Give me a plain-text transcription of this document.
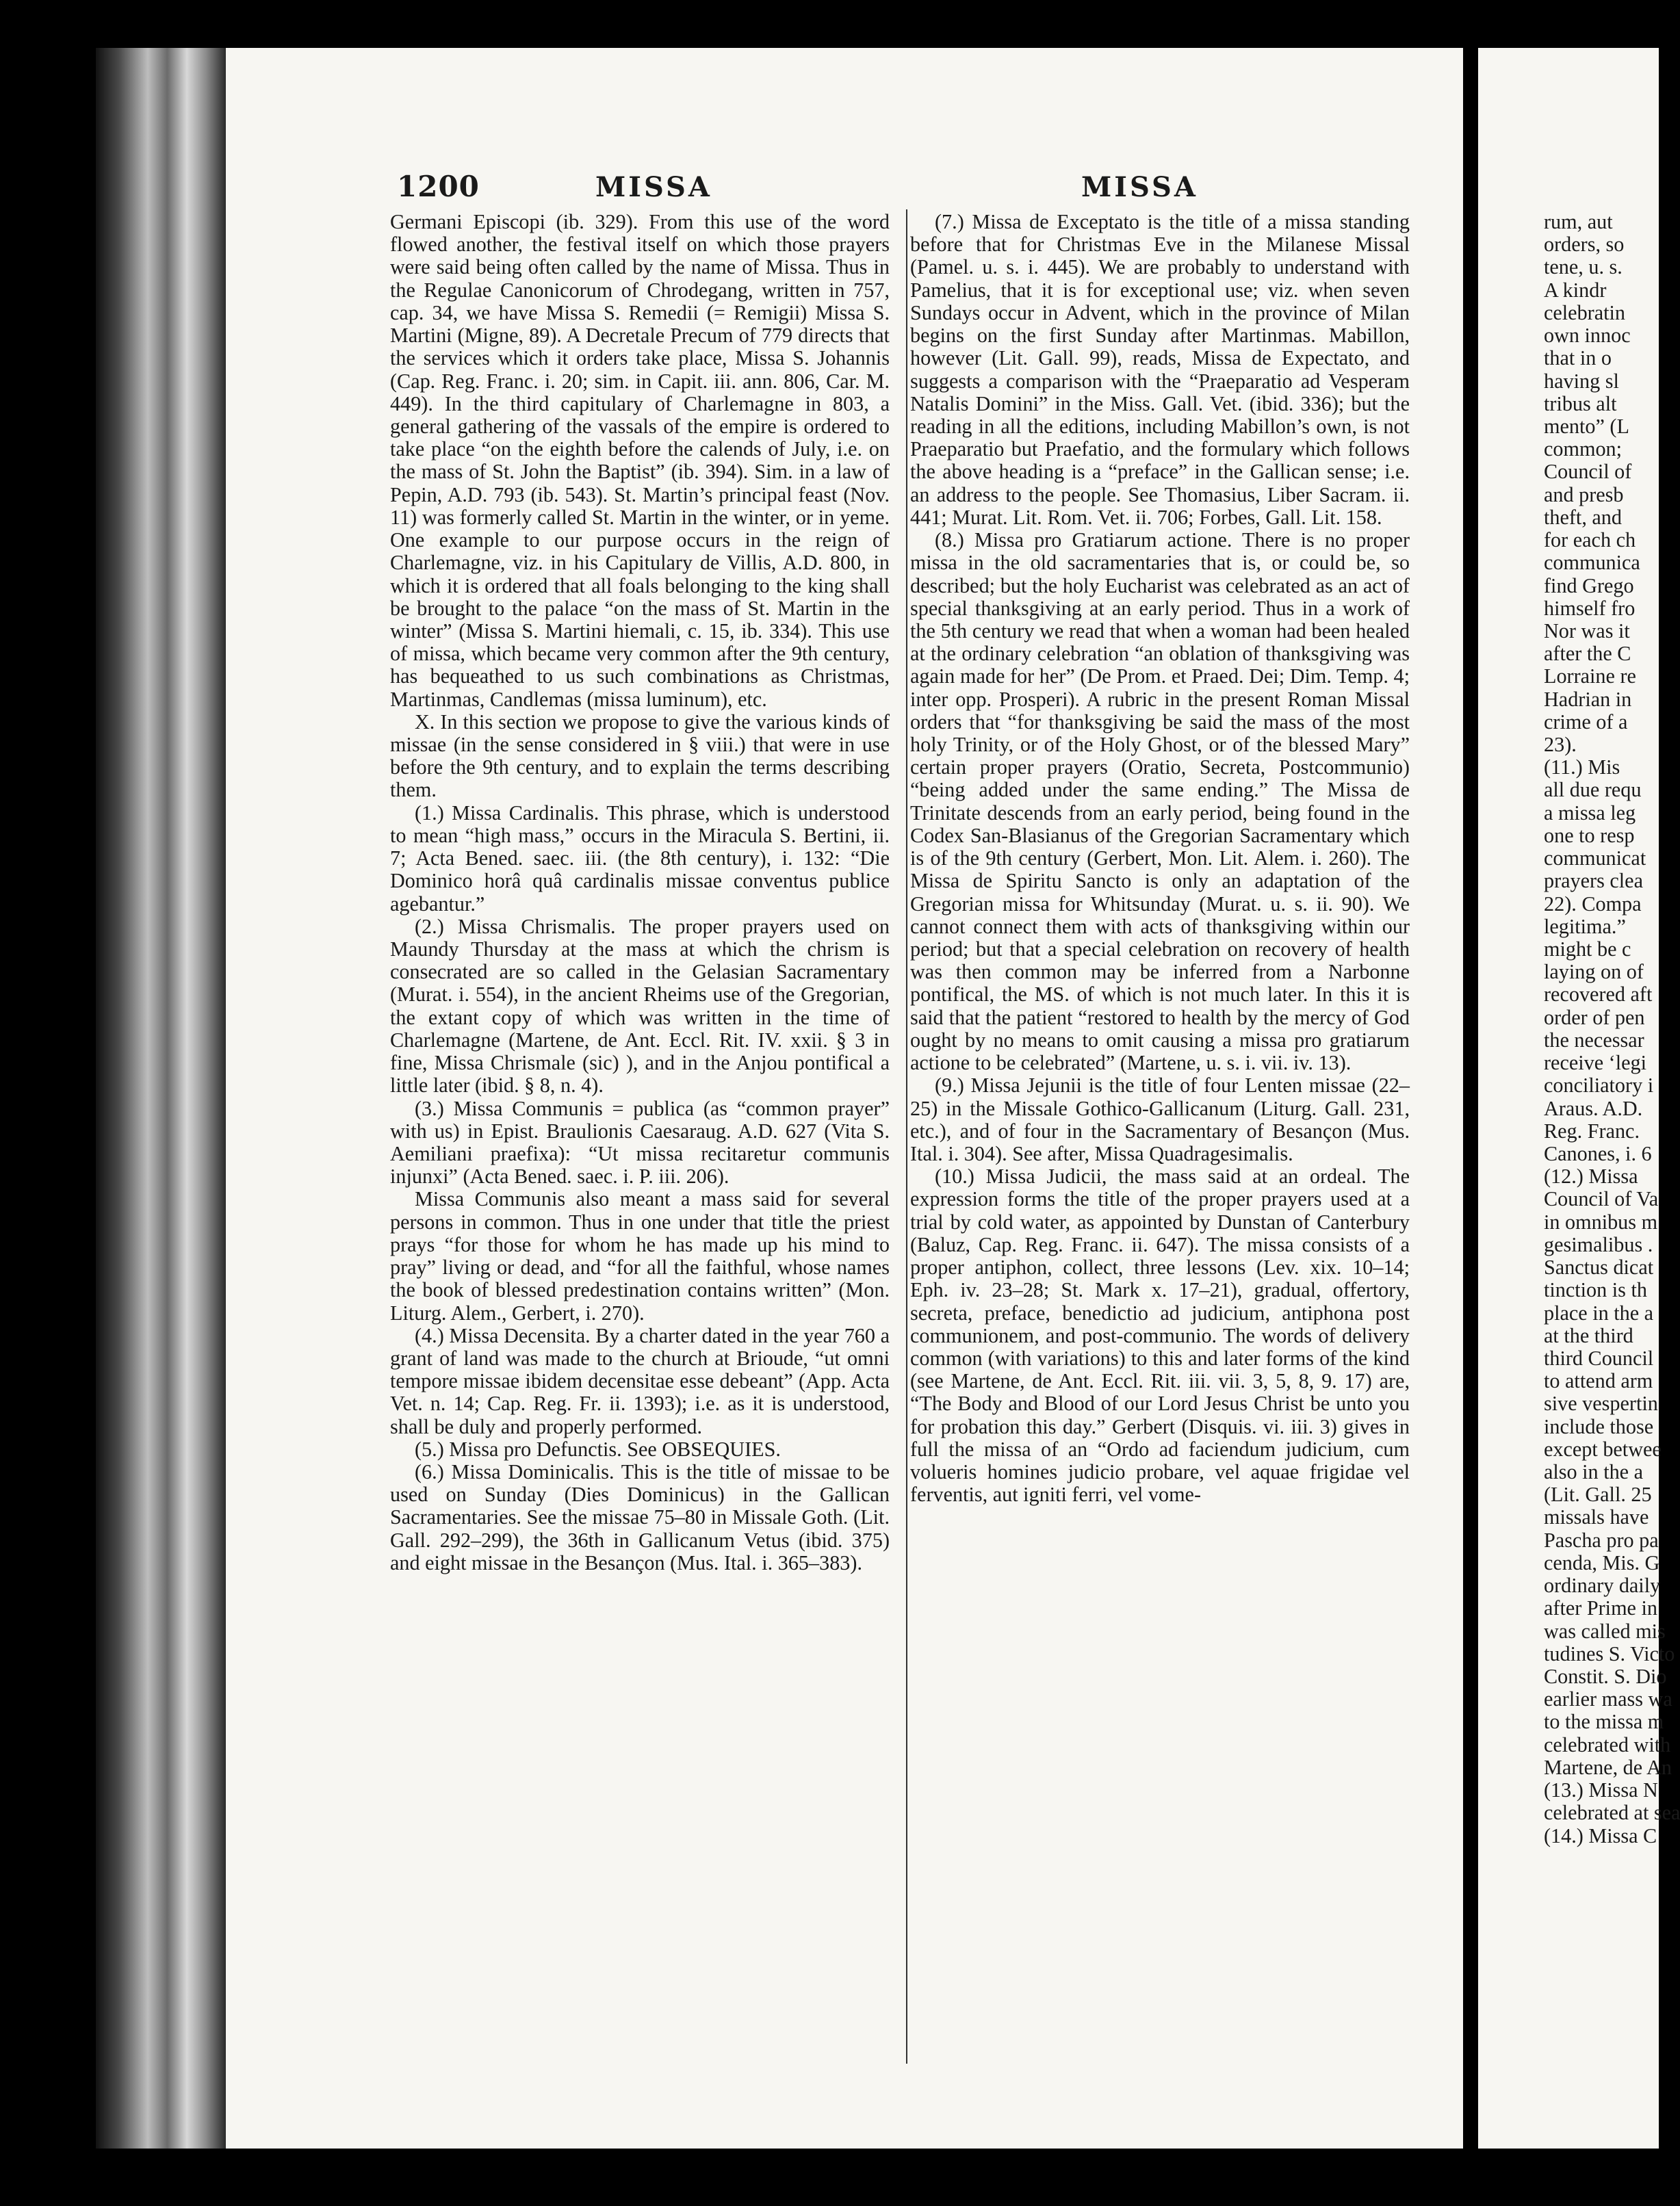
1200	MISSA	MISSA

Germani Episcopi (ib. 329). From this use of the word flowed another, the festival itself on which those prayers were said being often called by the name of Missa. Thus in the Regulae Canonicorum of Chrodegang, written in 757, cap. 34, we have Missa S. Remedii (= Remigii) Missa S. Martini (Migne, 89). A Decretale Precum of 779 directs that the services which it orders take place, Missa S. Johannis (Cap. Reg. Franc. i. 20; sim. in Capit. iii. ann. 806, Car. M. 449). In the third capitulary of Charlemagne in 803, a general gathering of the vassals of the empire is ordered to take place “on the eighth before the calends of July, i.e. on the mass of St. John the Baptist” (ib. 394). Sim. in a law of Pepin, A.D. 793 (ib. 543). St. Martin’s principal feast (Nov. 11) was formerly called St. Martin in the winter, or in yeme. One example to our purpose occurs in the reign of Charlemagne, viz. in his Capitulary de Villis, A.D. 800, in which it is ordered that all foals belonging to the king shall be brought to the palace “on the mass of St. Martin in the winter” (Missa S. Martini hiemali, c. 15, ib. 334). This use of missa, which became very common after the 9th century, has bequeathed to us such combinations as Christmas, Martinmas, Candlemas (missa luminum), etc.

X. In this section we propose to give the various kinds of missae (in the sense considered in § viii.) that were in use before the 9th century, and to explain the terms describing them.

(1.) Missa Cardinalis. This phrase, which is understood to mean “high mass,” occurs in the Miracula S. Bertini, ii. 7; Acta Bened. saec. iii. (the 8th century), i. 132: “Die Dominico horâ quâ cardinalis missae conventus publice agebantur.”

(2.) Missa Chrismalis. The proper prayers used on Maundy Thursday at the mass at which the chrism is consecrated are so called in the Gelasian Sacramentary (Murat. i. 554), in the ancient Rheims use of the Gregorian, the extant copy of which was written in the time of Charlemagne (Martene, de Ant. Eccl. Rit. IV. xxii. § 3 in fine, Missa Chrismale (sic) ), and in the Anjou pontifical a little later (ibid. § 8, n. 4).

(3.) Missa Communis = publica (as “common prayer” with us) in Epist. Braulionis Caesaraug. A.D. 627 (Vita S. Aemiliani praefixa): “Ut missa recitaretur communis injunxi” (Acta Bened. saec. i. P. iii. 206).

Missa Communis also meant a mass said for several persons in common. Thus in one under that title the priest prays “for those for whom he has made up his mind to pray” living or dead, and “for all the faithful, whose names the book of blessed predestination contains written” (Mon. Liturg. Alem., Gerbert, i. 270).

(4.) Missa Decensita. By a charter dated in the year 760 a grant of land was made to the church at Brioude, “ut omni tempore missae ibidem decensitae esse debeant” (App. Acta Vet. n. 14; Cap. Reg. Fr. ii. 1393); i.e. as it is understood, shall be duly and properly performed.

(5.) Missa pro Defunctis. See OBSEQUIES.

(6.) Missa Dominicalis. This is the title of missae to be used on Sunday (Dies Dominicus) in the Gallican Sacramentaries. See the missae 75–80 in Missale Goth. (Lit. Gall. 292–299), the 36th in Gallicanum Vetus (ibid. 375) and eight missae in the Besançon (Mus. Ital. i. 365–383).

(7.) Missa de Exceptato is the title of a missa standing before that for Christmas Eve in the Milanese Missal (Pamel. u. s. i. 445). We are probably to understand with Pamelius, that it is for exceptional use; viz. when seven Sundays occur in Advent, which in the province of Milan begins on the first Sunday after Martinmas. Mabillon, however (Lit. Gall. 99), reads, Missa de Expectato, and suggests a comparison with the “Praeparatio ad Vesperam Natalis Domini” in the Miss. Gall. Vet. (ibid. 336); but the reading in all the editions, including Mabillon’s own, is not Praeparatio but Praefatio, and the formulary which follows the above heading is a “preface” in the Gallican sense; i.e. an address to the people. See Thomasius, Liber Sacram. ii. 441; Murat. Lit. Rom. Vet. ii. 706; Forbes, Gall. Lit. 158.

(8.) Missa pro Gratiarum actione. There is no proper missa in the old sacramentaries that is, or could be, so described; but the holy Eucharist was celebrated as an act of special thanksgiving at an early period. Thus in a work of the 5th century we read that when a woman had been healed at the ordinary celebration “an oblation of thanksgiving was again made for her” (De Prom. et Praed. Dei; Dim. Temp. 4; inter opp. Prosperi). A rubric in the present Roman Missal orders that “for thanksgiving be said the mass of the most holy Trinity, or of the Holy Ghost, or of the blessed Mary” certain proper prayers (Oratio, Secreta, Postcommunio) “being added under the same ending.” The Missa de Trinitate descends from an early period, being found in the Codex San-Blasianus of the Gregorian Sacramentary which is of the 9th century (Gerbert, Mon. Lit. Alem. i. 260). The Missa de Spiritu Sancto is only an adaptation of the Gregorian missa for Whitsunday (Murat. u. s. ii. 90). We cannot connect them with acts of thanksgiving within our period; but that a special celebration on recovery of health was then common may be inferred from a Narbonne pontifical, the MS. of which is not much later. In this it is said that the patient “restored to health by the mercy of God ought by no means to omit causing a missa pro gratiarum actione to be celebrated” (Martene, u. s. i. vii. iv. 13).

(9.) Missa Jejunii is the title of four Lenten missae (22–25) in the Missale Gothico-Gallicanum (Liturg. Gall. 231, etc.), and of four in the Sacramentary of Besançon (Mus. Ital. i. 304). See after, Missa Quadragesimalis.

(10.) Missa Judicii, the mass said at an ordeal. The expression forms the title of the proper prayers used at a trial by cold water, as appointed by Dunstan of Canterbury (Baluz, Cap. Reg. Franc. ii. 647). The missa consists of a proper antiphon, collect, three lessons (Lev. xix. 10–14; Eph. iv. 23–28; St. Mark x. 17–21), gradual, offertory, secreta, preface, benedictio ad judicium, antiphona post communionem, and post-communio. The words of delivery common (with variations) to this and later forms of the kind (see Martene, de Ant. Eccl. Rit. iii. vii. 3, 5, 8, 9. 17) are, “The Body and Blood of our Lord Jesus Christ be unto you for probation this day.” Gerbert (Disquis. vi. iii. 3) gives in full the missa of an “Ordo ad faciendum judicium, cum volueris homines judicio probare, vel aquae frigidae vel ferventis, aut igniti ferri, vel vome-

rum, aut
orders, so
tene, u. s.
A kindr
celebratin
own innoc
that in o
having sl
tribus alt
mento” (L
common;
Council of
and presb
theft, and
for each ch
communica
find Grego
himself fro
Nor was it
after the C
Lorraine re
Hadrian in
crime of a
23).
(11.) Mis
all due requ
a missa leg
one to resp
communicat
prayers clea
22). Compa
legitima.”
might be c
laying on of
recovered aft
order of pen
the necessar
receive ‘legi
conciliatory i
Araus. A.D.
Reg. Franc.
Canones, i. 6
(12.) Missa
Council of Va
in omnibus m
gesimalibus .
Sanctus dicat
tinction is th
place in the a
at the third
third Council
to attend arm
sive vespertin
include those
except betwee
also in the a
(Lit. Gall. 25
missals have
Pascha pro pa
cenda, Mis. G
ordinary daily
after Prime in
was called mis
tudines S. Victo
Constit. S. Dio
earlier mass wa
to the missa m
celebrated with
Martene, de An
(13.) Missa N
celebrated at sea
(14.) Missa C
